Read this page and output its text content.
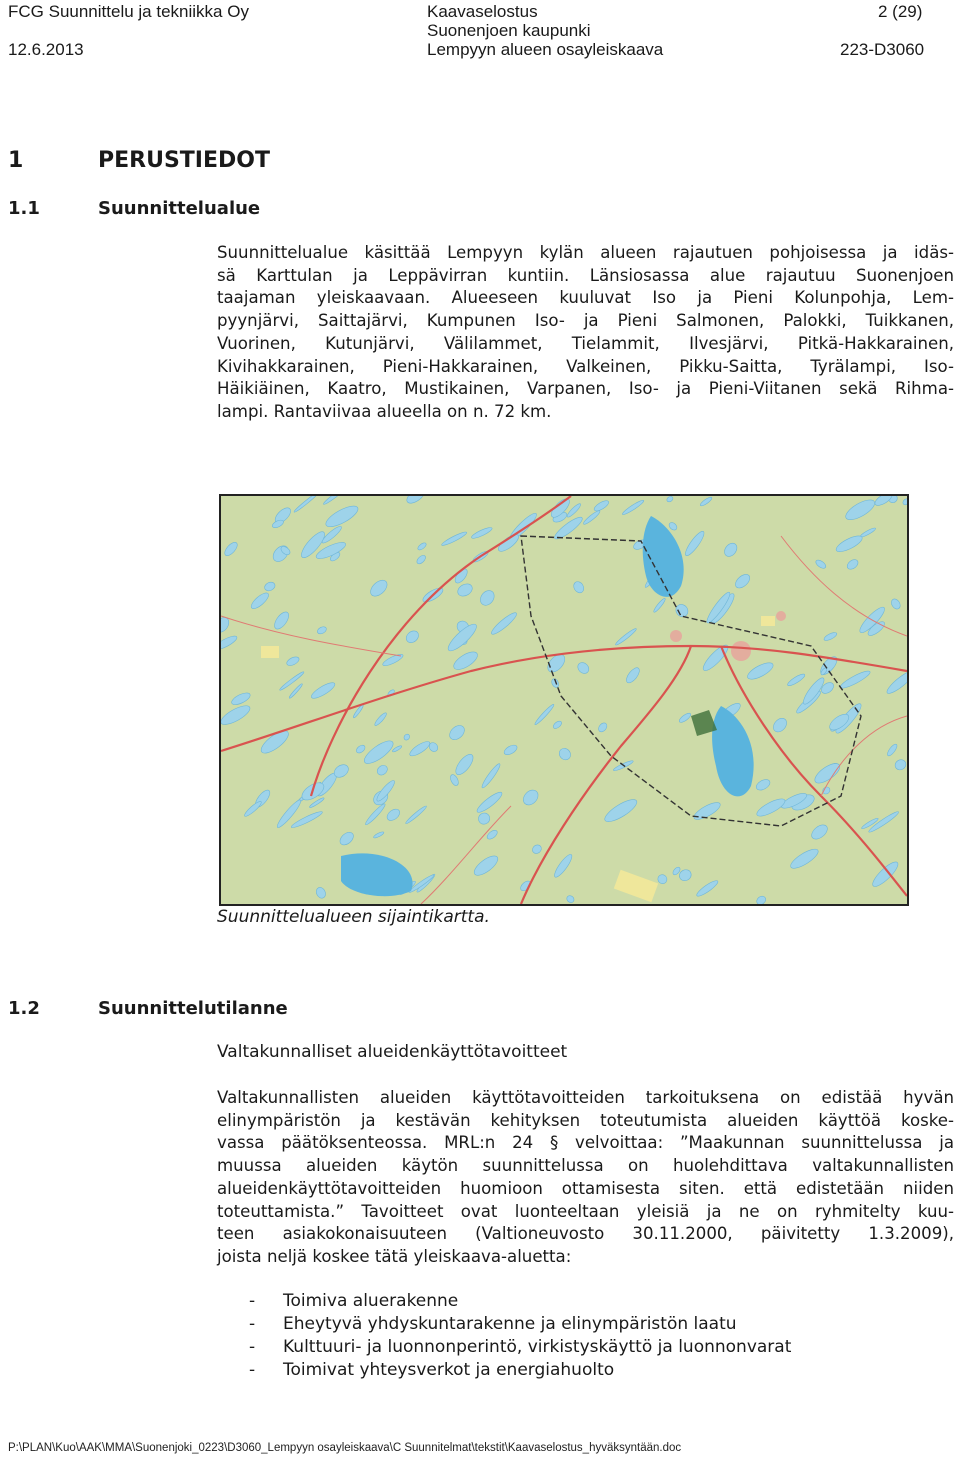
FCG Suunnittelu ja tekniikka Oy
12.6.2013
Kaavaselostus
Suonenjoen kaupunki
Lempyyn alueen osayleiskaava
2 (29)
223-D3060
1	PERUSTIEDOT
1.1	Suunnittelualue
Suunnittelualue käsittää Lempyyn kylän alueen rajautuen pohjoisessa ja idäs-
sä Karttulan ja Leppävirran kuntiin. Länsiosassa alue rajautuu Suonenjoen
taajaman yleiskaavaan. Alueeseen kuuluvat Iso ja Pieni Kolunpohja, Lem-
pyynjärvi, Saittajärvi, Kumpunen Iso- ja Pieni Salmonen, Palokki, Tuikkanen,
Vuorinen, Kutunjärvi, Välilammet, Tielammit, Ilvesjärvi, Pitkä-Hakkarainen,
Kivihakkarainen, Pieni-Hakkarainen, Valkeinen, Pikku-Saitta, Tyrälampi, Iso-
Häikiäinen, Kaatro, Mustikainen, Varpanen, Iso- ja Pieni-Viitanen sekä Rihma-
lampi. Rantaviivaa alueella on n. 72 km.
Suunnittelualueen sijaintikartta.
1.2	Suunnittelutilanne
Valtakunnalliset alueidenkäyttötavoitteet
Valtakunnallisten alueiden käyttötavoitteiden tarkoituksena on edistää hyvän
elinympäristön ja kestävän kehityksen toteutumista alueiden käyttöä koske-
vassa päätöksenteossa. MRL:n 24 § velvoittaa: ”Maakunnan suunnittelussa ja
muussa alueiden käytön suunnittelussa on huolehdittava valtakunnallisten
alueidenkäyttötavoitteiden huomioon ottamisesta siten. että edistetään niiden
toteuttamista.” Tavoitteet ovat luonteeltaan yleisiä ja ne on ryhmitelty kuu-
teen asiakokonaisuuteen (Valtioneuvosto 30.11.2000, päivitetty 1.3.2009),
joista neljä koskee tätä yleiskaava-aluetta:
-	Toimiva aluerakenne
-	Eheytyvä yhdyskuntarakenne ja elinympäristön laatu
-	Kulttuuri- ja luonnonperintö, virkistyskäyttö ja luonnonvarat
-	Toimivat yhteysverkot ja energiahuolto
P:\PLAN\Kuo\AAK\MMA\Suonenjoki_0223\D3060_Lempyyn osayleiskaava\C Suunnitelmat\tekstit\Kaavaselostus_hyväksyntään.doc
